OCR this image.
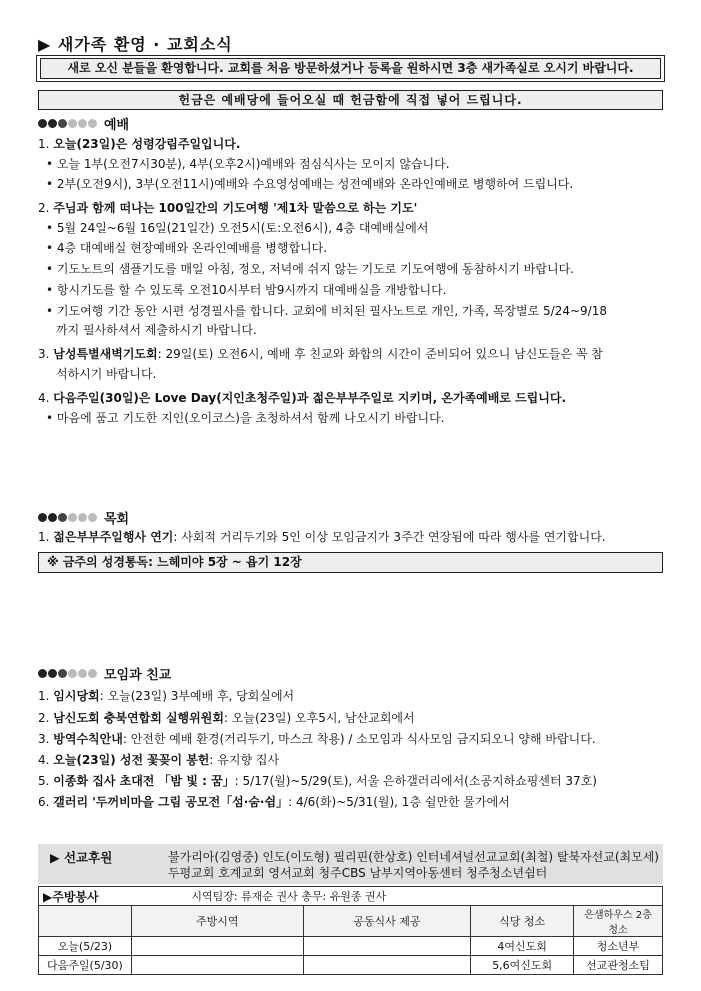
▶ 새가족 환영 · 교회소식
새로 오신 분들을 환영합니다. 교회를 처음 방문하셨거나 등록을 원하시면 3층 새가족실로 오시기 바랍니다.
헌금은 예배당에 들어오실 때 헌금함에 직접 넣어 드립니다.
예배
1. 오늘(23일)은 성령강림주일입니다.
• 오늘 1부(오전7시30분), 4부(오후2시)예배와 점심식사는 모이지 않습니다.
• 2부(오전9시), 3부(오전11시)예배와 수요영성예배는 성전예배와 온라인예배로 병행하여 드립니다.
2. 주님과 함께 떠나는 100일간의 기도여행 '제1차 말씀으로 하는 기도'
• 5월 24일~6월 16일(21일간) 오전5시(토:오전6시), 4층 대예배실에서
• 4층 대예배실 현장예배와 온라인예배를 병행합니다.
• 기도노트의 샘플기도를 매일 아침, 정오, 저녁에 쉬지 않는 기도로 기도여행에 동참하시기 바랍니다.
• 항시기도를 할 수 있도록 오전10시부터 밤9시까지 대예배실을 개방합니다.
• 기도여행 기간 동안 시편 성경필사를 합니다. 교회에 비치된 필사노트로 개인, 가족, 목장별로 5/24~9/18
까지 필사하셔서 제출하시기 바랍니다.
3. 남성특별새벽기도회: 29일(토) 오전6시, 예배 후 친교와 화합의 시간이 준비되어 있으니 남신도들은 꼭 참
석하시기 바랍니다.
4. 다음주일(30일)은 Love Day(지인초청주일)과 젊은부부주일로 지키며, 온가족예배로 드립니다.
• 마음에 품고 기도한 지인(오이코스)을 초청하셔서 함께 나오시기 바랍니다.
목회
1. 젊은부부주일행사 연기: 사회적 거리두기와 5인 이상 모임금지가 3주간 연장됨에 따라 행사를 연기합니다.
※ 금주의 성경통독: 느헤미야 5장 ~ 욥기 12장
모임과 친교
1. 임시당회: 오늘(23일) 3부예배 후, 당회실에서
2. 남신도회 충북연합회 실행위원회: 오늘(23일) 오후5시, 남산교회에서
3. 방역수칙안내: 안전한 예배 환경(거리두기, 마스크 착용) / 소모임과 식사모임 금지되오니 양해 바랍니다.
4. 오늘(23일) 성전 꽃꽂이 봉헌: 유지향 집사
5. 이종화 집사 초대전 「밤 빛 : 꿈」: 5/17(월)~5/29(토), 서울 은하갤러리에서(소공지하쇼핑센터 37호)
6. 갤러리 '두꺼비마을 그림 공모전「섬·숨·쉼」: 4/6(화)~5/31(월), 1층 쉴만한 물가에서
▶ 선교후원	불가리아(김영중) 인도(이도형) 필리핀(한상호) 인터네셔널선교교회(최철) 탈북자선교(최모세)
두평교회 호계교회 영서교회 청주CBS 남부지역아동센터 청주청소년쉼터
▶주방봉사	시역팀장: 류재순 권사 총무: 유원종 권사			
	주방시역	공동식사 제공	식당 청소	은샘하우스 2층 청소
오늘(5/23)			4여신도회	청소년부
다음주일(5/30)			5,6여신도회	선교관청소팀
